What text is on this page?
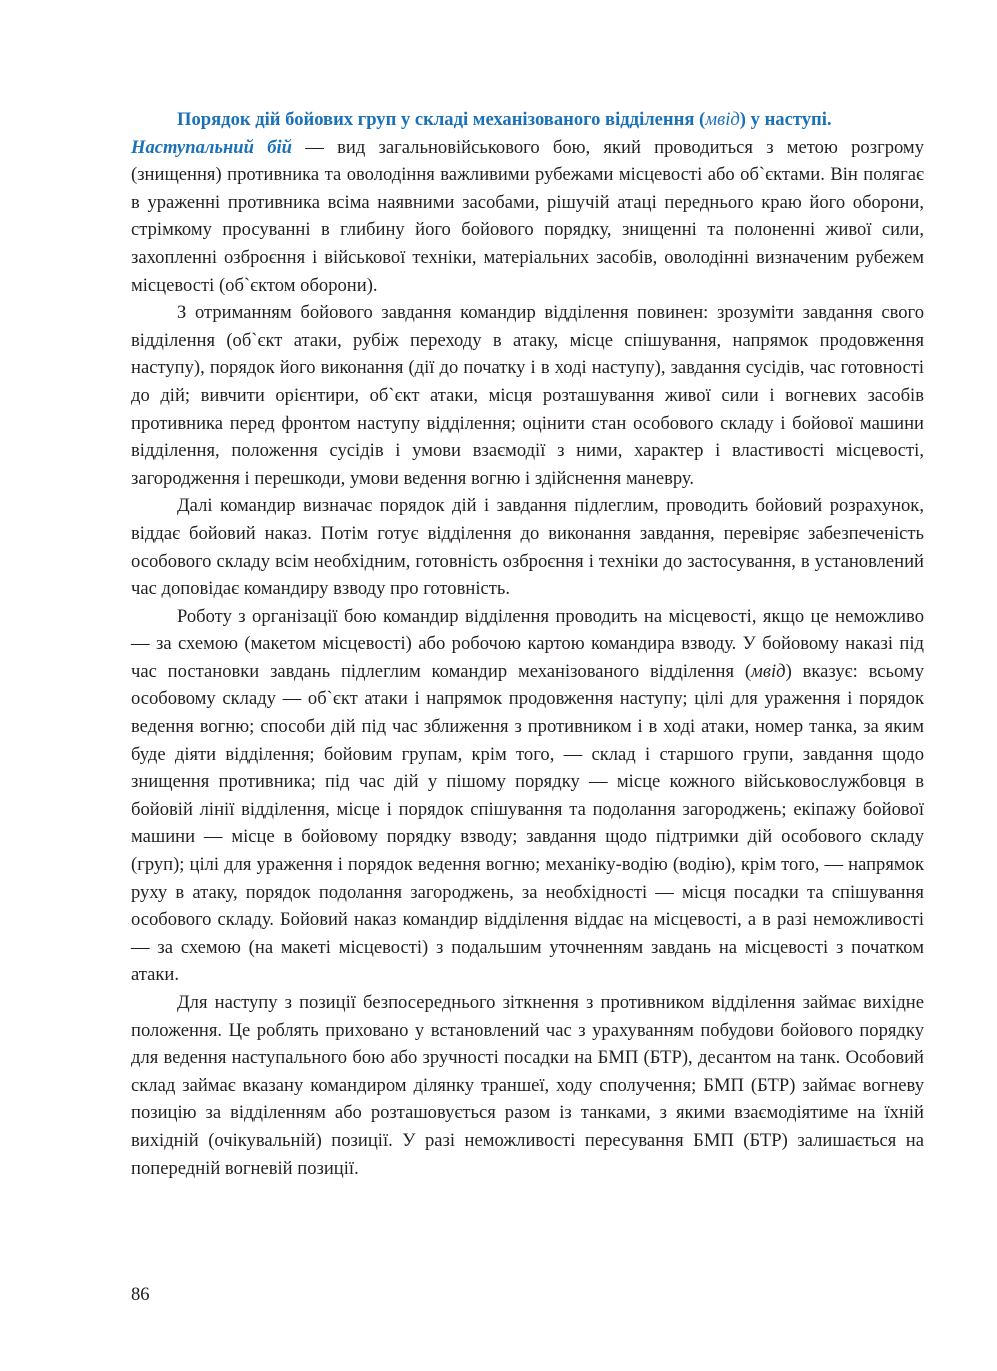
Порядок дій бойових груп у складі механізованого відділення (мвід) у наступі.
Наступальний бій — вид загальновійськового бою, який проводиться з метою розгрому (знищення) противника та оволодіння важливими рубежами місцевості або об`єктами. Він полягає в ураженні противника всіма наявними засобами, рішучій атаці переднього краю його оборони, стрімкому просуванні в глибину його бойового порядку, знищенні та полоненні живої сили, захопленні озброєння і військової техніки, матеріальних засобів, оволодінні визначеним рубежем місцевості (об`єктом оборони).

З отриманням бойового завдання командир відділення повинен: зрозуміти завдання свого відділення (об`єкт атаки, рубіж переходу в атаку, місце спішування, напрямок продовження наступу), порядок його виконання (дії до початку і в ході наступу), завдання сусідів, час готовності до дій; вивчити орієнтири, об`єкт атаки, місця розташування живої сили і вогневих засобів противника перед фронтом наступу відділення; оцінити стан особового складу і бойової машини відділення, положення сусідів і умови взаємодії з ними, характер і властивості місцевості, загородження і перешкоди, умови ведення вогню і здійснення маневру.

Далі командир визначає порядок дій і завдання підлеглим, проводить бойовий розрахунок, віддає бойовий наказ. Потім готує відділення до виконання завдання, перевіряє забезпеченість особового складу всім необхідним, готовність озброєння і техніки до застосування, в установлений час доповідає командиру взводу про готовність.

Роботу з організації бою командир відділення проводить на місцевості, якщо це неможливо — за схемою (макетом місцевості) або робочою картою командира взводу. У бойовому наказі під час постановки завдань підлеглим командир механізованого відділення (мвід) вказує: всьому особовому складу — об`єкт атаки і напрямок продовження наступу; цілі для ураження і порядок ведення вогню; способи дій під час зближення з противником і в ході атаки, номер танка, за яким буде діяти відділення; бойовим групам, крім того, — склад і старшого групи, завдання щодо знищення противника; під час дій у пішому порядку — місце кожного військовослужбовця в бойовій лінії відділення, місце і порядок спішування та подолання загороджень; екіпажу бойової машини — місце в бойовому порядку взводу; завдання щодо підтримки дій особового складу (груп); цілі для ураження і порядок ведення вогню; механіку-водію (водію), крім того, — напрямок руху в атаку, порядок подолання загороджень, за необхідності — місця посадки та спішування особового складу. Бойовий наказ командир відділення віддає на місцевості, а в разі неможливості — за схемою (на макеті місцевості) з подальшим уточненням завдань на місцевості з початком атаки.

Для наступу з позиції безпосереднього зіткнення з противником відділення займає вихідне положення. Це роблять приховано у встановлений час з урахуванням побудови бойового порядку для ведення наступального бою або зручності посадки на БМП (БТР), десантом на танк. Особовий склад займає вказану командиром ділянку траншеї, ходу сполучення; БМП (БТР) займає вогневу позицію за відділенням або розташовується разом із танками, з якими взаємодіятиме на їхній вихідній (очікувальній) позиції. У разі неможливості пересування БМП (БТР) залишається на попередній вогневій позиції.

86
